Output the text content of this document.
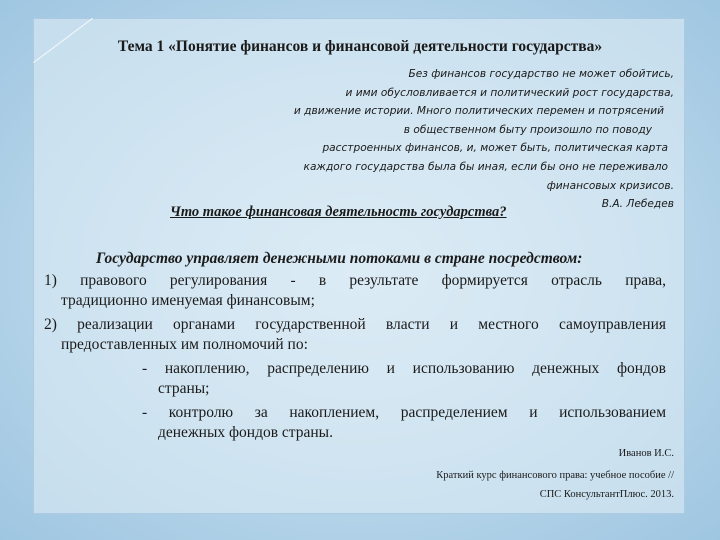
Тема 1 «Понятие финансов и финансовой деятельности государства»
Без финансов государство не может обойтись,
и ими обусловливается и политический рост государства,
и движение истории. Много политических перемен и потрясений
в общественном быту произошло по поводу
расстроенных финансов, и, может быть, политическая карта
каждого государства была бы иная, если бы оно не переживало
финансовых кризисов.
В.А. Лебедев
Что такое финансовая деятельность государства?
Государство управляет денежными потоками в стране посредством:
1) правового регулирования - в результате формируется отрасль права,
традиционно именуемая финансовым;
2) реализации органами государственной власти и местного самоуправления
предоставленных им полномочий по:
- накоплению, распределению и использованию денежных фондов
страны;
- контролю за накоплением, распределением и использованием
денежных фондов страны.
Иванов И.С.
Краткий курс финансового права: учебное пособие //
СПС КонсультантПлюс. 2013.
